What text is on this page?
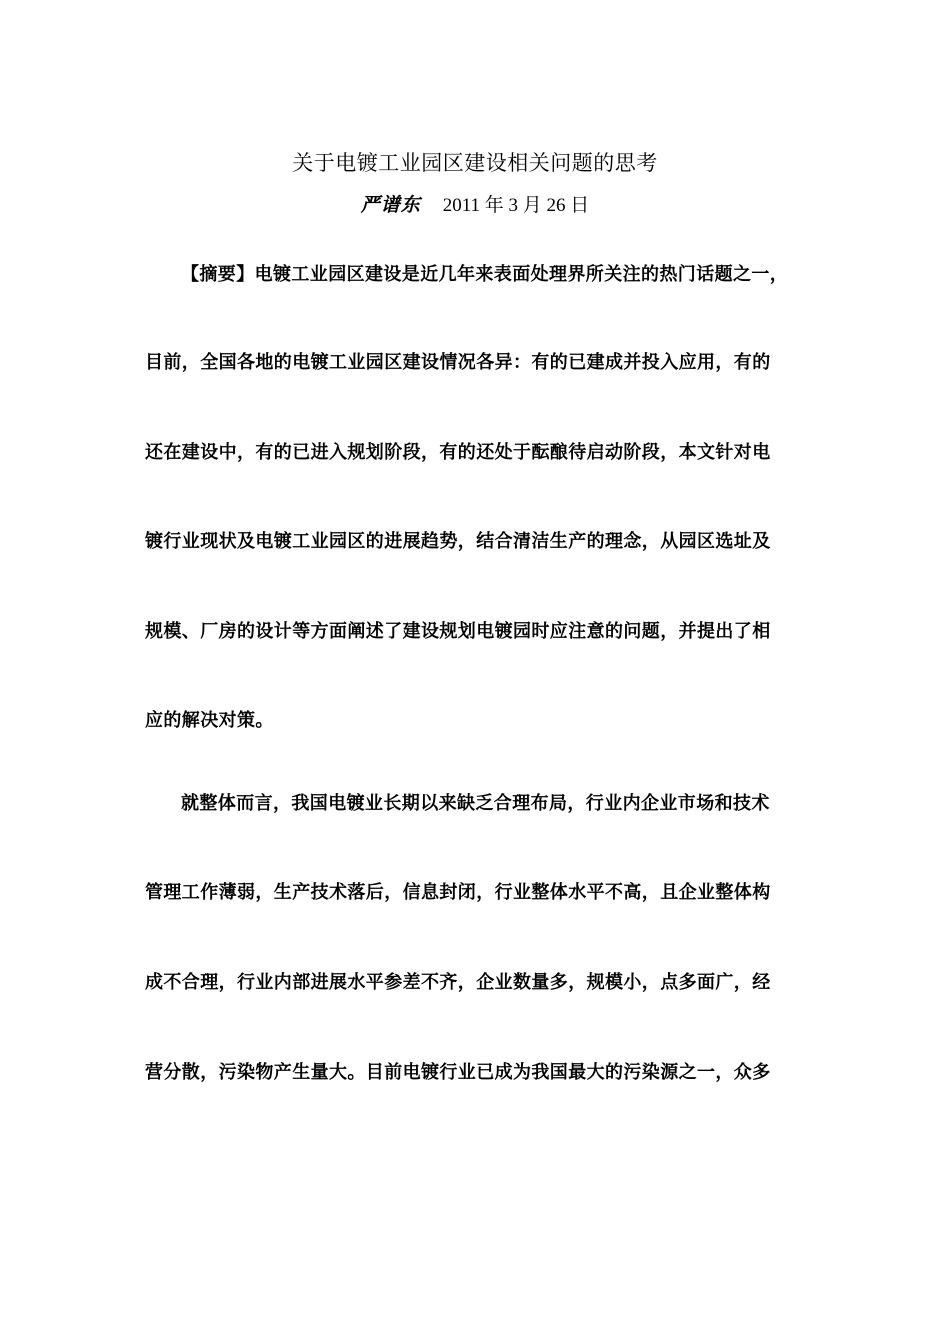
关于电镀工业园区建设相关问题的思考
严谱东 2011 年 3 月 26 日
【摘要】电镀工业园区建设是近几年来表面处理界所关注的热门话题之一，
目前，全国各地的电镀工业园区建设情况各异：有的已建成并投入应用，有的
还在建设中，有的已进入规划阶段，有的还处于酝酿待启动阶段，本文针对电
镀行业现状及电镀工业园区的进展趋势，结合清洁生产的理念，从园区选址及
规模、厂房的设计等方面阐述了建设规划电镀园时应注意的问题，并提出了相
应的解决对策。
就整体而言，我国电镀业长期以来缺乏合理布局，行业内企业市场和技术
管理工作薄弱，生产技术落后，信息封闭，行业整体水平不高，且企业整体构
成不合理，行业内部进展水平参差不齐，企业数量多，规模小，点多面广，经
营分散，污染物产生量大。目前电镀行业已成为我国最大的污染源之一，众多
